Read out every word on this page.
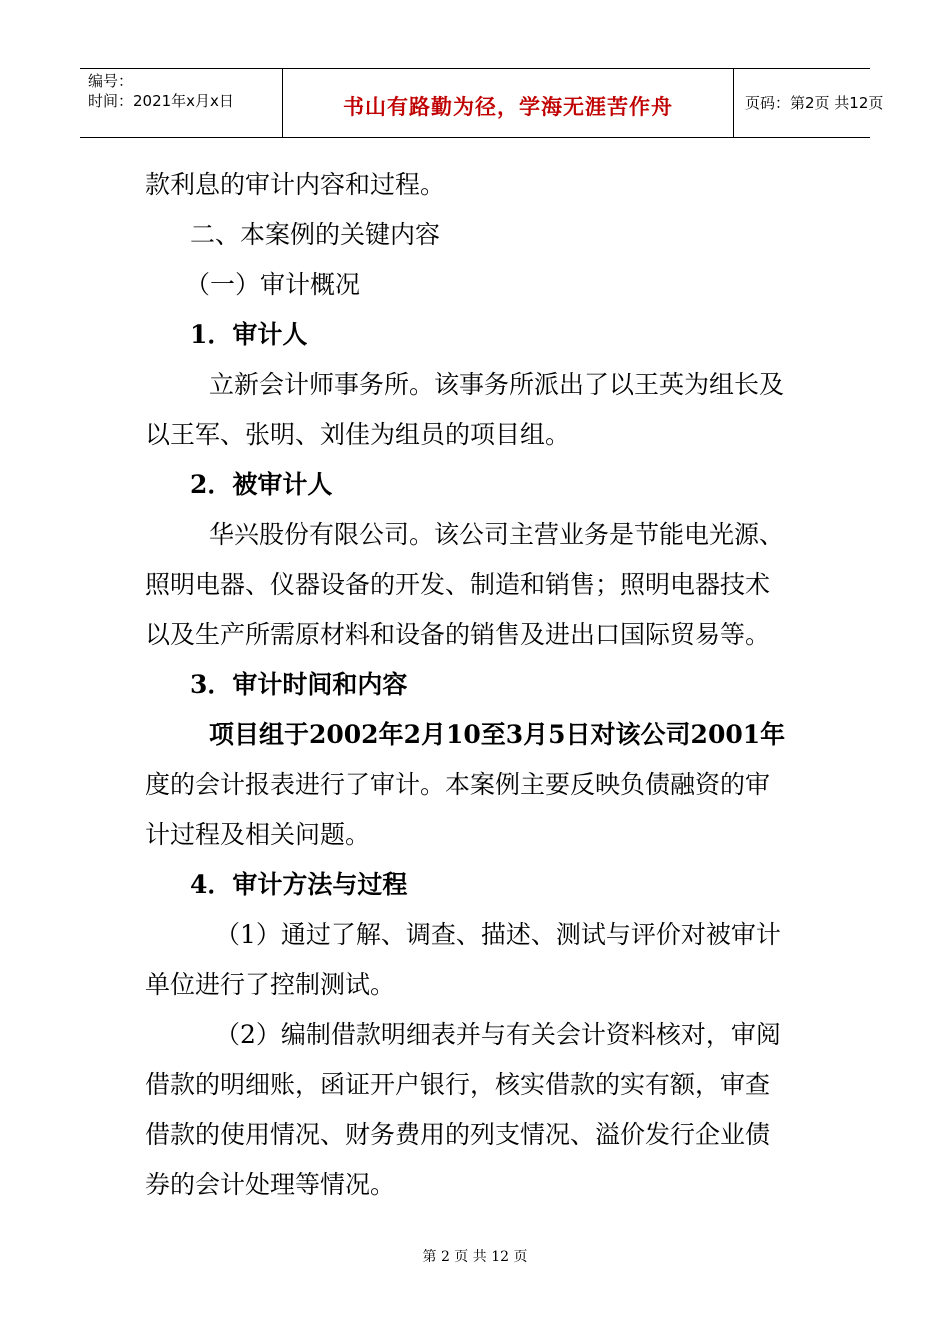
编号：
时间：2021年x月x日	书山有路勤为径，学海无涯苦作舟	页码：第2页 共12页

款利息的审计内容和过程。

二、本案例的关键内容

（一）审计概况

1．审计人

立新会计师事务所。该事务所派出了以王英为组长及

以王军、张明、刘佳为组员的项目组。

2．被审计人

华兴股份有限公司。该公司主营业务是节能电光源、

照明电器、仪器设备的开发、制造和销售；照明电器技术

以及生产所需原材料和设备的销售及进出口国际贸易等。

3．审计时间和内容

项目组于2002年2月10至3月5日对该公司2001年

度的会计报表进行了审计。本案例主要反映负债融资的审

计过程及相关问题。

4．审计方法与过程

（1）通过了解、调查、描述、测试与评价对被审计

单位进行了控制测试。

（2）编制借款明细表并与有关会计资料核对，审阅

借款的明细账，函证开户银行，核实借款的实有额，审查

借款的使用情况、财务费用的列支情况、溢价发行企业债

券的会计处理等情况。

第 2 页 共 12 页
